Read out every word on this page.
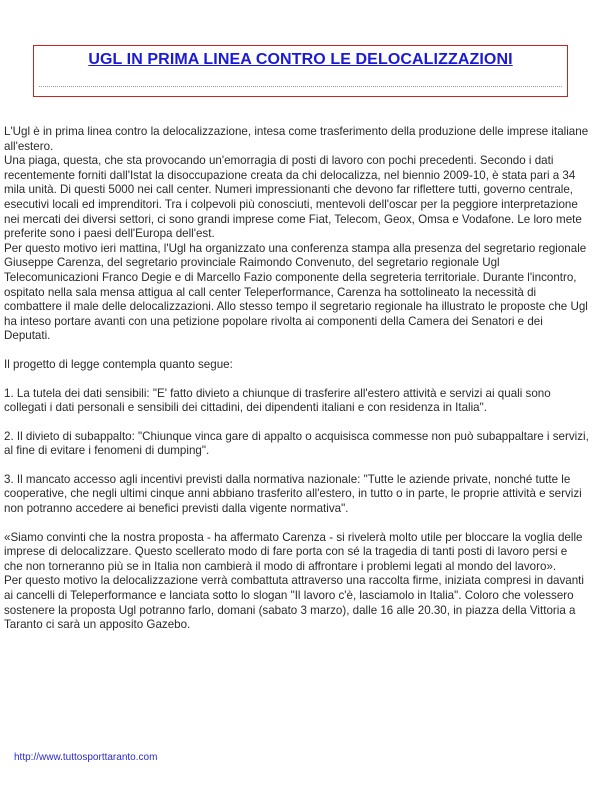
UGL IN PRIMA LINEA CONTRO LE DELOCALIZZAZIONI

L'Ugl è in prima linea contro la delocalizzazione, intesa come trasferimento della produzione delle imprese italiane all'estero.

Una piaga, questa, che sta provocando un'emorragia di posti di lavoro con pochi precedenti. Secondo i dati recentemente forniti dall'Istat la disoccupazione creata da chi delocalizza, nel biennio 2009-10, è stata pari a 34 mila unità. Di questi 5000 nei call center. Numeri impressionanti che devono far riflettere tutti, governo centrale, esecutivi locali ed imprenditori. Tra i colpevoli più conosciuti, mentevoli dell'oscar per la peggiore interpretazione nei mercati dei diversi settori, ci sono grandi imprese come Fiat, Telecom, Geox, Omsa e Vodafone. Le loro mete preferite sono i paesi dell'Europa dell'est.

Per questo motivo ieri mattina, l'Ugl ha organizzato una conferenza stampa alla presenza del segretario regionale Giuseppe Carenza, del segretario provinciale Raimondo Convenuto, del segretario regionale Ugl Telecomunicazioni Franco Degie e di Marcello Fazio componente della segreteria territoriale. Durante l'incontro, ospitato nella sala mensa attigua al call center Teleperformance, Carenza ha sottolineato la necessità di combattere il male delle delocalizzazioni. Allo stesso tempo il segretario regionale ha illustrato le proposte che Ugl ha inteso portare avanti con una petizione popolare rivolta ai componenti della Camera dei Senatori e dei Deputati.

Il progetto di legge contempla quanto segue:

1. La tutela dei dati sensibili: "E' fatto divieto a chiunque di trasferire all'estero attività e servizi ai quali sono collegati i dati personali e sensibili dei cittadini, dei dipendenti italiani e con residenza in Italia".

2. Il divieto di subappalto: "Chiunque vinca gare di appalto o acquisisca commesse non può subappaltare i servizi, al fine di evitare i fenomeni di dumping".

3. Il mancato accesso agli incentivi previsti dalla normativa nazionale: "Tutte le aziende private, nonché tutte le cooperative, che negli ultimi cinque anni abbiano trasferito all'estero, in tutto o in parte, le proprie attività e servizi non potranno accedere ai benefici previsti dalla vigente normativa".

«Siamo convinti che la nostra proposta - ha affermato Carenza - si rivelerà molto utile per bloccare la voglia delle imprese di delocalizzare. Questo scellerato modo di fare porta con sé la tragedia di tanti posti di lavoro persi e che non torneranno più se in Italia non cambierà il modo di affrontare i problemi legati al mondo del lavoro».

Per questo motivo la delocalizzazione verrà combattuta attraverso una raccolta firme, iniziata compresi in davanti ai cancelli di Teleperformance e lanciata sotto lo slogan "Il lavoro c'è, lasciamolo in Italia". Coloro che volessero sostenere la proposta Ugl potranno farlo, domani (sabato 3 marzo), dalle 16 alle 20.30, in piazza della Vittoria a Taranto ci sarà un apposito Gazebo.

http://www.tuttosporttaranto.com
